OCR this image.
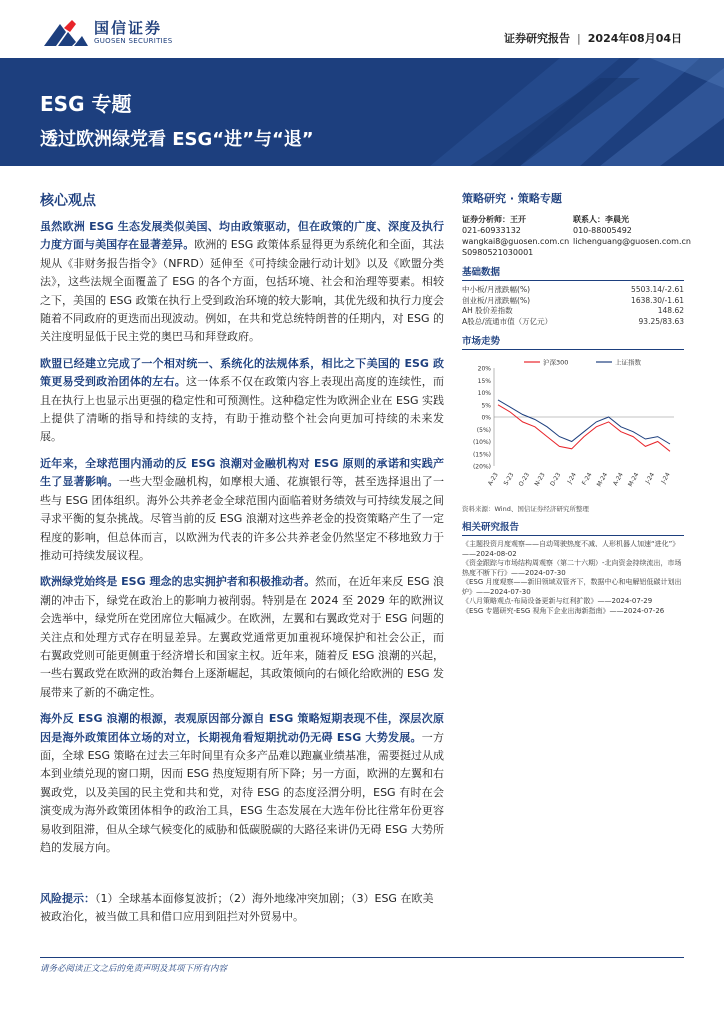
国信证券
GUOSEN SECURITIES	证券研究报告 | 2024年08月04日
ESG 专题
透过欧洲绿党看 ESG“进”与“退”
核心观点
虽然欧洲 ESG 生态发展类似美国、均由政策驱动，但在政策的广度、深度及执行力度方面与美国存在显著差异。欧洲的 ESG 政策体系显得更为系统化和全面，其法规从《非财务报告指令》（NFRD）延伸至《可持续金融行动计划》以及《欧盟分类法》，这些法规全面覆盖了 ESG 的各个方面，包括环境、社会和治理等要素。相较之下，美国的 ESG 政策在执行上受到政治环境的较大影响，其优先级和执行力度会随着不同政府的更迭而出现波动。例如，在共和党总统特朗普的任期内，对 ESG 的关注度明显低于民主党的奥巴马和拜登政府。
欧盟已经建立完成了一个相对统一、系统化的法规体系，相比之下美国的 ESG 政策更易受到政治团体的左右。这一体系不仅在政策内容上表现出高度的连续性，而且在执行上也显示出更强的稳定性和可预测性。这种稳定性为欧洲企业在 ESG 实践上提供了清晰的指导和持续的支持，有助于推动整个社会向更加可持续的未来发展。
近年来，全球范围内涌动的反 ESG 浪潮对金融机构对 ESG 原则的承诺和实践产生了显著影响。一些大型金融机构，如摩根大通、花旗银行等，甚至选择退出了一些与 ESG 团体组织。海外公共养老金全球范围内面临着财务绩效与可持续发展之间寻求平衡的复杂挑战。尽管当前的反 ESG 浪潮对这些养老金的投资策略产生了一定程度的影响，但总体而言，以欧洲为代表的许多公共养老金仍然坚定不移地致力于推动可持续发展议程。
欧洲绿党始终是 ESG 理念的忠实拥护者和积极推动者。然而，在近年来反 ESG 浪潮的冲击下，绿党在政治上的影响力被削弱。特别是在 2024 至 2029 年的欧洲议会选举中，绿党所在党团席位大幅减少。在欧洲，左翼和右翼政党对于 ESG 问题的关注点和处理方式存在明显差异。左翼政党通常更加重视环境保护和社会公正，而右翼政党则可能更侧重于经济增长和国家主权。近年来，随着反 ESG 浪潮的兴起，一些右翼政党在欧洲的政治舞台上逐渐崛起，其政策倾向的右倾化给欧洲的 ESG 发展带来了新的不确定性。
海外反 ESG 浪潮的根源，表观原因部分源自 ESG 策略短期表现不佳，深层次原因是海外政策团体立场的对立，长期视角看短期扰动仍无碍 ESG 大势发展。一方面，全球 ESG 策略在过去三年时间里有众多产品难以跑赢业绩基准，需要挺过从成本到业绩兑现的窗口期，因而 ESG 热度短期有所下降；另一方面，欧洲的左翼和右翼政党，以及美国的民主党和共和党，对待 ESG 的态度泾渭分明，ESG 有时在会演变成为海外政策团体相争的政治工具，ESG 生态发展在大选年份比往常年份更容易收到阻滞，但从全球气候变化的威胁和低碳脱碳的大路径来讲仍无碍 ESG 大势所趋的发展方向。
风险提示：（1）全球基本面修复波折；（2）海外地缘冲突加剧；（3）ESG 在欧美被政治化，被当做工具和借口应用到阻拦对外贸易中。
策略研究 · 策略专题
证券分析师：王开
021-60933132
wangkai8@guosen.com.cn
S0980521030001
联系人：李晨光
010-88005492
lichenguang@guosen.com.cn
基础数据
中小板/月涨跌幅(%)	5503.14/-2.61
创业板/月涨跌幅(%)	1638.30/-1.61
AH 股价差指数	148.62
A股总/流通市值（万亿元）	93.25/83.63
市场走势
20%
15%
10%
5%
0%
(5%)
(10%)
(15%)
(20%)
沪深300	上证指数
A-23 S-23 O-23 N-23 D-23 J-24 F-24 M-24 A-24 M-24 J-24 J-24
资料来源：Wind、国信证券经济研究所整理
相关研究报告
《主题投资月度观察——自动驾驶热度不减、人形机器人加速“进化”》——2024-08-02
《资金跟踪与市场结构周观察（第二十六期）-北向资金持续流出，市场热度不断下行》——2024-07-30
《ESG 月度观察——新旧领域双管齐下，数据中心和电解铝低碳计划出炉》——2024-07-30
《八月策略观点-布局设备更新与红利扩散》——2024-07-29
《ESG 专题研究-ESG 视角下企业出海新指南》——2024-07-26
请务必阅读正文之后的免责声明及其项下所有内容
